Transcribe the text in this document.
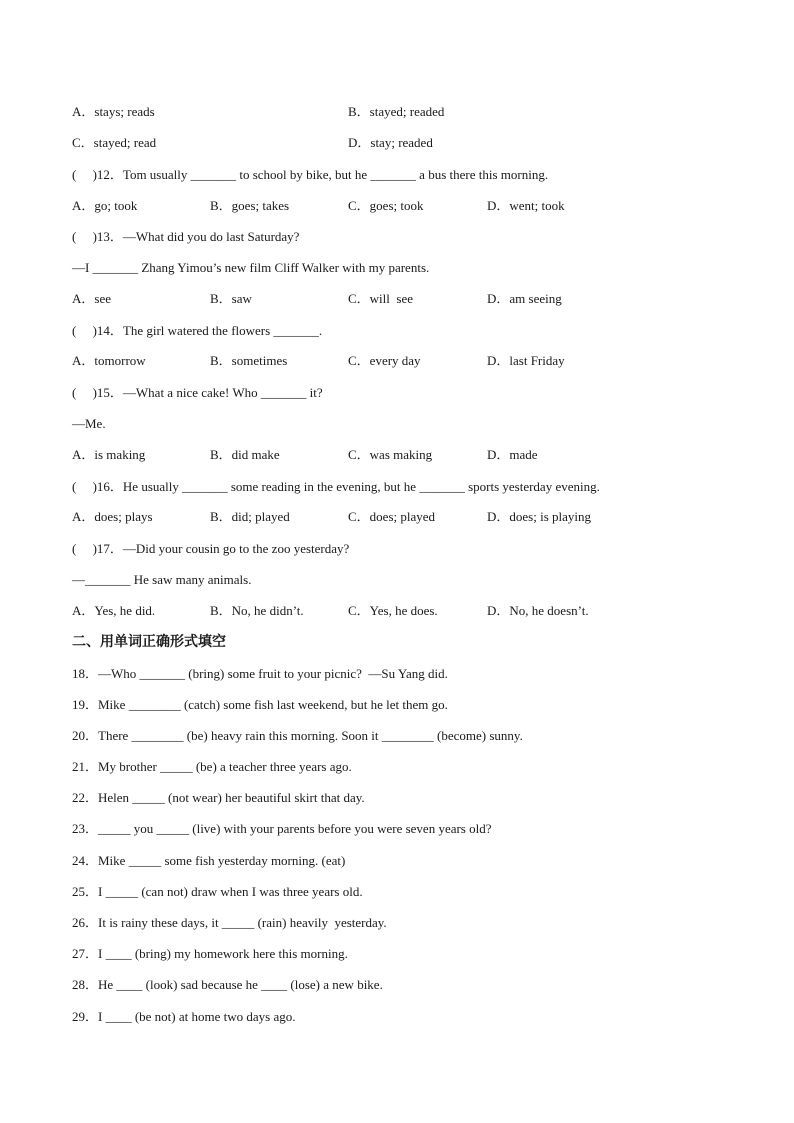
A．stays; reads	B．stayed; readed
C．stayed; read	D．stay; readed
(     )12．Tom usually _______ to school by bike, but he _______ a bus there this morning.
A．go; took	B．goes; takes	C．goes; took	D．went; took
(     )13．—What did you do last Saturday?
—I _______ Zhang Yimou’s new film Cliff Walker with my parents.
A．see	B．saw	C．will  see	D．am seeing
(     )14．The girl watered the flowers _______.
A．tomorrow	B．sometimes	C．every day	D．last Friday
(     )15．—What a nice cake! Who _______ it?
—Me.
A．is making	B．did make	C．was making	D．made
(     )16．He usually _______ some reading in the evening, but he _______ sports yesterday evening.
A．does; plays	B．did; played	C．does; played	D．does; is playing
(     )17．—Did your cousin go to the zoo yesterday?
—_______ He saw many animals.
A．Yes, he did.	B．No, he didn’t.	C．Yes, he does.	D．No, he doesn’t.
二、用单词正确形式填空
18．—Who _______ (bring) some fruit to your picnic?  —Su Yang did.
19．Mike ________ (catch) some fish last weekend, but he let them go.
20．There ________ (be) heavy rain this morning. Soon it ________ (become) sunny.
21．My brother _____ (be) a teacher three years ago.
22．Helen _____ (not wear) her beautiful skirt that day.
23．_____ you _____ (live) with your parents before you were seven years old?
24．Mike _____ some fish yesterday morning. (eat)
25．I _____ (can not) draw when I was three years old.
26．It is rainy these days, it _____ (rain) heavily  yesterday.
27．I ____ (bring) my homework here this morning.
28．He ____ (look) sad because he ____ (lose) a new bike.
29．I ____ (be not) at home two days ago.
